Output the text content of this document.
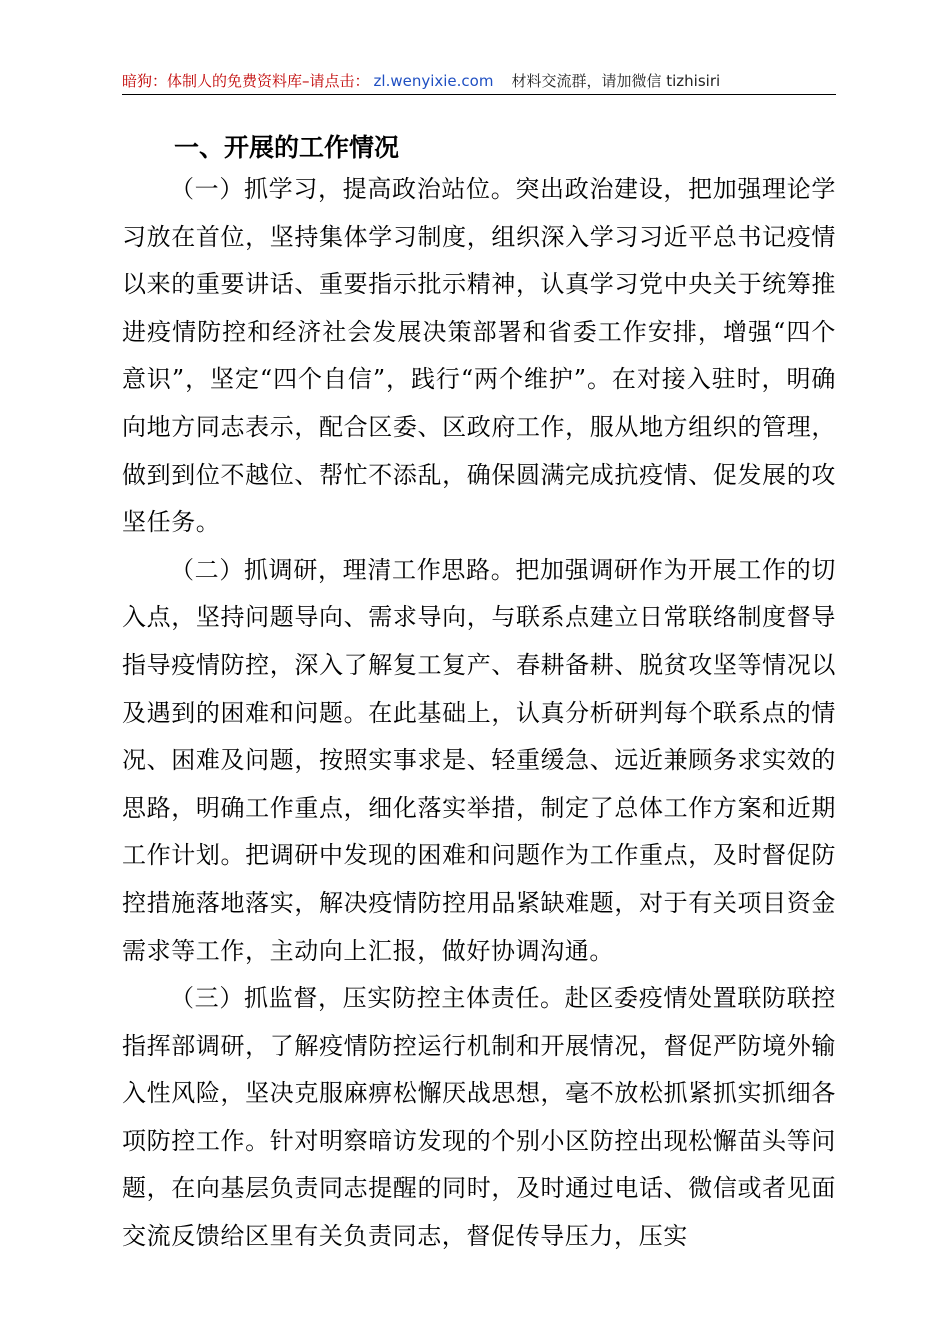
暗狗：体制人的免费资料库–请点击： zl.wenyixie.com 材料交流群，请加微信 tizhisiri
一、开展的工作情况

（一）抓学习，提高政治站位。突出政治建设，把加强理论学习放在首位，坚持集体学习制度，组织深入学习习近平总书记疫情以来的重要讲话、重要指示批示精神，认真学习党中央关于统筹推进疫情防控和经济社会发展决策部署和省委工作安排，增强“四个意识”，坚定“四个自信”，践行“两个维护”。在对接入驻时，明确向地方同志表示，配合区委、区政府工作，服从地方组织的管理，做到到位不越位、帮忙不添乱，确保圆满完成抗疫情、促发展的攻坚任务。

（二）抓调研，理清工作思路。把加强调研作为开展工作的切入点，坚持问题导向、需求导向，与联系点建立日常联络制度督导指导疫情防控，深入了解复工复产、春耕备耕、脱贫攻坚等情况以及遇到的困难和问题。在此基础上，认真分析研判每个联系点的情况、困难及问题，按照实事求是、轻重缓急、远近兼顾务求实效的思路，明确工作重点，细化落实举措，制定了总体工作方案和近期工作计划。把调研中发现的困难和问题作为工作重点，及时督促防控措施落地落实，解决疫情防控用品紧缺难题，对于有关项目资金需求等工作，主动向上汇报，做好协调沟通。

（三）抓监督，压实防控主体责任。赴区委疫情处置联防联控指挥部调研，了解疫情防控运行机制和开展情况，督促严防境外输入性风险，坚决克服麻痹松懈厌战思想，毫不放松抓紧抓实抓细各项防控工作。针对明察暗访发现的个别小区防控出现松懈苗头等问题，在向基层负责同志提醒的同时，及时通过电话、微信或者见面交流反馈给区里有关负责同志，督促传导压力，压实
